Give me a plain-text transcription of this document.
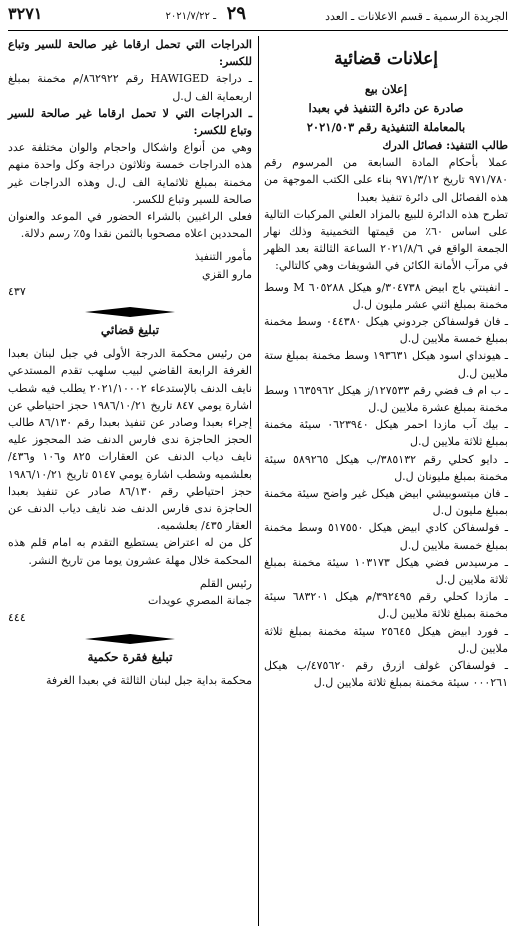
الجريدة الرسمية ـ قسم الاعلانات ـ العدد
٢٩
ـ ٢٠٢١/٧/٢٢
٣٢٧١
إعلانات قضائية
إعلان بيع
صادرة عن دائرة التنفيذ في بعبدا
بالمعاملة التنفيذية رقم ٢٠٢١/٥٠٣

طالب التنفيذ: فصائل الدرك

عملا بأحكام المادة السابعة من المرسوم رقم ٩٧١/٧٨٠ تاريخ ٩٧١/٣/١٢ بناء على الكتب الموجهة من هذه الفصائل الى دائرة تنفيذ بعبدا

تطرح هذه الدائرة للبيع بالمزاد العلني المركبات التالية على اساس ٦٠٪ من قيمتها التخمينية وذلك نهار الجمعة الواقع في ٢٠٢١/٨/٦ الساعة الثالثة بعد الظهر في مرآب الأمانة الكائن في الشويفات وهي كالتالي:

ـ انفينتي باج ابيض ٣٠٤٧٣٨/و هيكل ٦٠٥٢٨٨ M وسط مخمنة بمبلغ اثني عشر مليون ل.ل

ـ فان فولسفاكن جردوني هيكل ٠٤٤٣٨٠ وسط مخمنة بمبلغ خمسة ملايين ل.ل

ـ هيونداي اسود هيكل ١٩٣٦٣١ وسط مخمنة بمبلغ ستة ملايين ل.ل

ـ ب ام ف فضي رقم ١٢٧٥٣٣/ز هيكل ١٦٣٥٩٦٢ وسط مخمنة بمبلغ عشرة ملايين ل.ل

ـ بيك آب مازدا احمر هيكل ٠٦٢٣٩٤٠ سيئة مخمنة بمبلغ ثلاثة ملايين ل.ل

ـ دايو كحلي رقم ٣٨٥١٣٢/ب هيكل ٥٨٩٢٦٥ سيئة مخمنة بمبلغ مليونان ل.ل

ـ فان ميتسوبيشي ابيض هيكل غير واضح سيئة مخمنة بمبلغ مليون ل.ل

ـ فولسفاكن كادي ابيض هيكل ٥١٧٥٥٠ وسط مخمنة بمبلغ خمسة ملايين ل.ل

ـ مرسيدس فضي هيكل ١٠٣١٧٣ سيئة مخمنة بمبلغ ثلاثة ملايين ل.ل

ـ مازدا كحلي رقم ٣٩٢٤٩٥/م هيكل ٦٨٣٢٠١ سيئة مخمنة بمبلغ ثلاثة ملايين ل.ل

ـ فورد ابيض هيكل ٢٥٦٤٥ سيئة مخمنة بمبلغ ثلاثة ملايين ل.ل

ـ فولسفاكن غولف ازرق رقم ٤٧٥٦٢٠/ب هيكل ٠٠٠٢٦١ سيئة مخمنة بمبلغ ثلاثة ملايين ل.ل

الدراجات التي تحمل ارقاما غير صالحة للسير وتباع للكسر:

ـ دراجة HAWIGED رقم ٨٦٢٩٢٢/م مخمنة بمبلغ اربعماية الف ل.ل

ـ الدراجات التي لا تحمل ارقاما غير صالحة للسير وتباع للكسر:

وهي من أنواع واشكال واحجام والوان مختلفة عدد هذه الدراجات خمسة وثلاثون دراجة وكل واحدة منهم مخمنة بمبلغ ثلاثماية الف ل.ل وهذه الدراجات غير صالحة للسير وتباع للكسر.

فعلى الراغبين بالشراء الحضور في الموعد والعنوان المحددين اعلاه مصحوبا بالثمن نقدا و٥٪ رسم دلالة.

مأمور التنفيذ

مارو القزي

٤٣٧

تبليغ قضائي

من رئيس محكمة الدرجة الأولى في جبل لبنان بعبدا الغرفة الرابعة القاضي لبيب سلهب تقدم المستدعي نايف الدنف بالإستدعاء ٢٠٢١/١٠٠٠٢ يطلب فيه شطب اشارة يومي ٨٤٧ تاريخ ١٩٨٦/١٠/٢١ حجز احتياطي عن إجراء بعبدا وصادر عن تنفيذ بعبدا رقم ٨٦/١٣٠ طالب الحجز الحاجزة ندى فارس الدنف ضد المحجوز عليه نايف دياب الدنف عن العقارات ٨٢٥ و١٠٦ و٤٣٦/ بعلشميه وشطب اشارة يومي ٥١٤٧ تاريخ ١٩٨٦/١٠/٢١ حجز احتياطي رقم ٨٦/١٣٠ صادر عن تنفيذ بعبدا الحاجزة ندى فارس الدنف ضد نايف دياب الدنف عن العقار ٤٣٥/ بعلشميه.

كل من له اعتراض يستطيع التقدم به امام قلم هذه المحكمة خلال مهلة عشرون يوما من تاريخ النشر.

رئيس القلم

جمانة المصري عويدات

٤٤٤

تبليغ فقرة حكمية

محكمة بداية جبل لبنان الثالثة في بعبدا الغرفة
